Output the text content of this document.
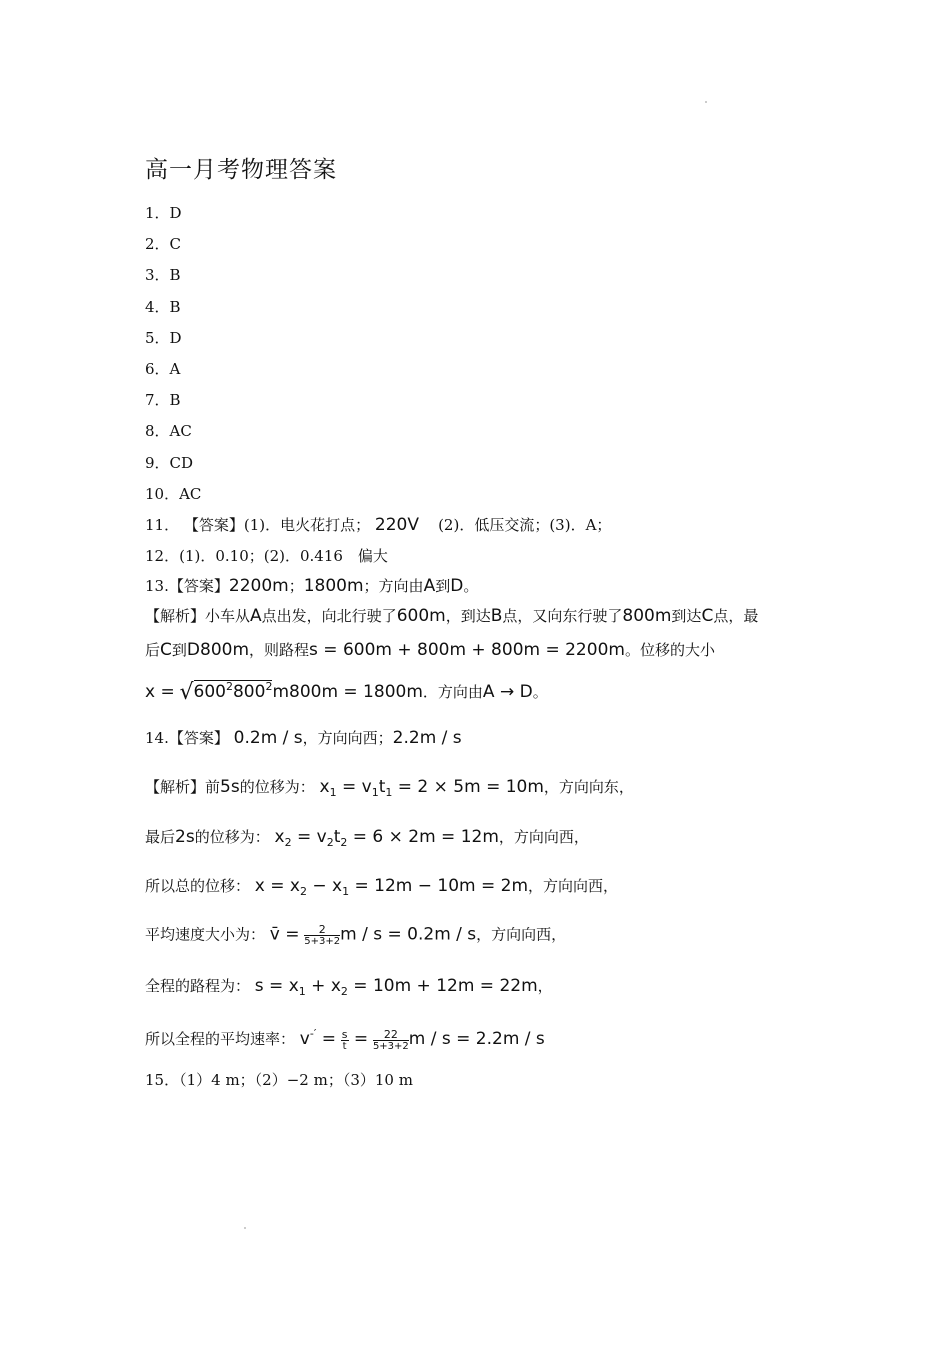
高一月考物理答案
1．D
2．C
3．B
4．B
5．D
6．A
7．B
8．AC
9．CD
10．AC
11． 【答案】(1)．电火花打点； 220V (2)．低压交流；(3)．A；
12．(1)．0.10；(2)．0.416　偏大
13.【答案】2200m；1800m；方向由A到D。
【解析】小车从A点出发，向北行驶了600m，到达B点，又向东行驶了800m到达C点，最
后C到D800m，则路程s = 600m + 800m + 800m = 2200m。位移的大小
$x = √600^2800^2m800m = 1800m$．方向由A → D。
14.【答案】 0.2m / s，方向向西；2.2m / s
【解析】前5s的位移为： $x_1 = v_1t_1 = 2 \times 5m = 10m$，方向向东，
最后2s的位移为： $x_2 = v_2t_2 = 6 \times 2m = 12m$，方向向西，
所以总的位移： $x = x_2 - x_1 = 12m - 10m = 2m$，方向向西，
平均速度大小为： v̄ = $\frac{2}{5+3+2}$ m / s = 0.2m / s，方向向西，
全程的路程为： $s = x_1 + x_2 = 10m + 12m = 22m$，
所以全程的平均速率： $v^{-'} = \frac{s}{t} = \frac{22}{5+3+2}$ m / s = 2.2m / s
15．（1）4 m；（2）−2 m；（3）10 m
